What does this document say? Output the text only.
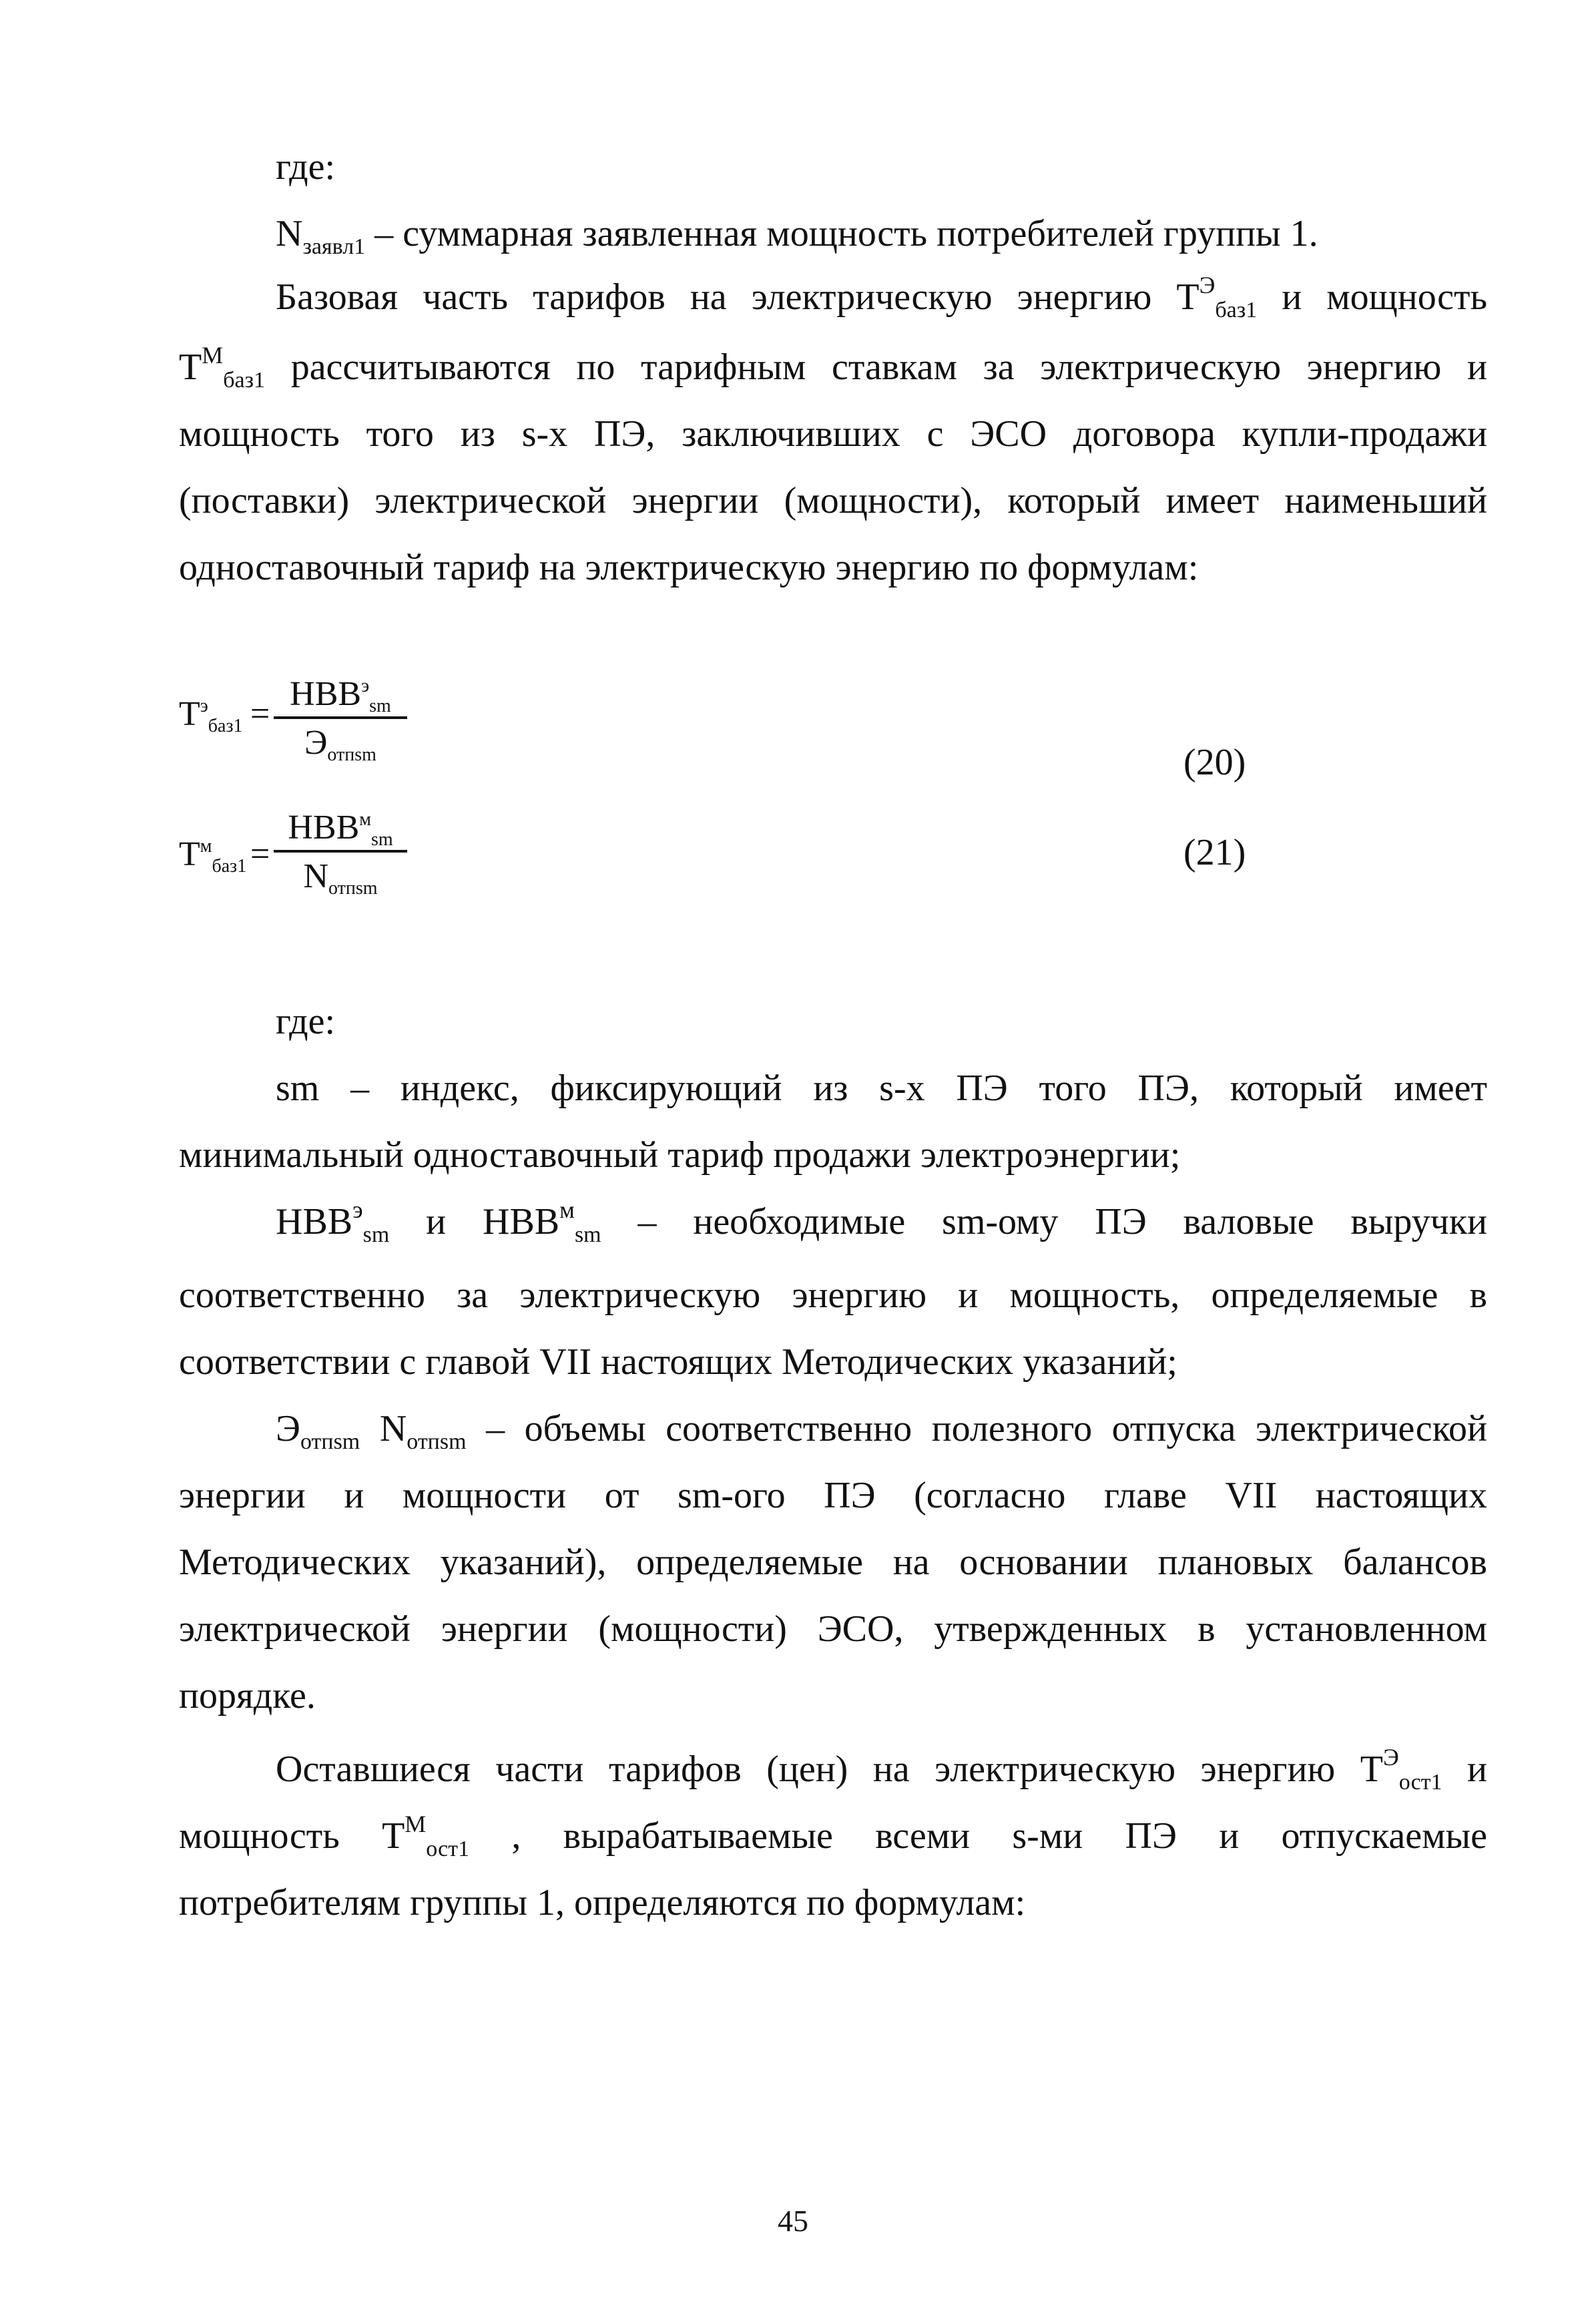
где:
$N_{заявл1}$ – суммарная заявленная мощность потребителей группы 1.
Базовая часть тарифов на электрическую энергию $T^Э_{баз1}$ и мощность
$T^М_{баз1}$ рассчитываются по тарифным ставкам за электрическую энергию и
мощность того из s-х ПЭ, заключивших с ЭСО договора купли-продажи
(поставки) электрической энергии (мощности), который имеет наименьший
одноставочный тариф на электрическую энергию по формулам:
$T^эбаз1$ =
$НВВ^эsm$
Эотпsm	(20)
$T^мбаз1$ =
$НВВ^мsm$
Nотпsm
(21)
где:
sm – индекс, фиксирующий из s-х ПЭ того ПЭ, который имеет
минимальный одноставочный тариф продажи электроэнергии;
$НВВ^э_{sm}$ и $НВВ^м_{sm}$ – необходимые sm-ому ПЭ валовые выручки
соответственно за электрическую энергию и мощность, определяемые в
соответствии с главой VII настоящих Методических указаний;
$Э_{отпsm}$ $N_{отпsm}$ – объемы соответственно полезного отпуска электрической
энергии и мощности от sm-ого ПЭ (согласно главе VII настоящих
Методических указаний), определяемые на основании плановых балансов
электрической энергии (мощности) ЭСО, утвержденных в установленном
порядке.
Оставшиеся части тарифов (цен) на электрическую энергию $T^Э_{ост1}$ и
мощность $T^М_{ост1}$ , вырабатываемые всеми s-ми ПЭ и отпускаемые
потребителям группы 1, определяются по формулам:
45
